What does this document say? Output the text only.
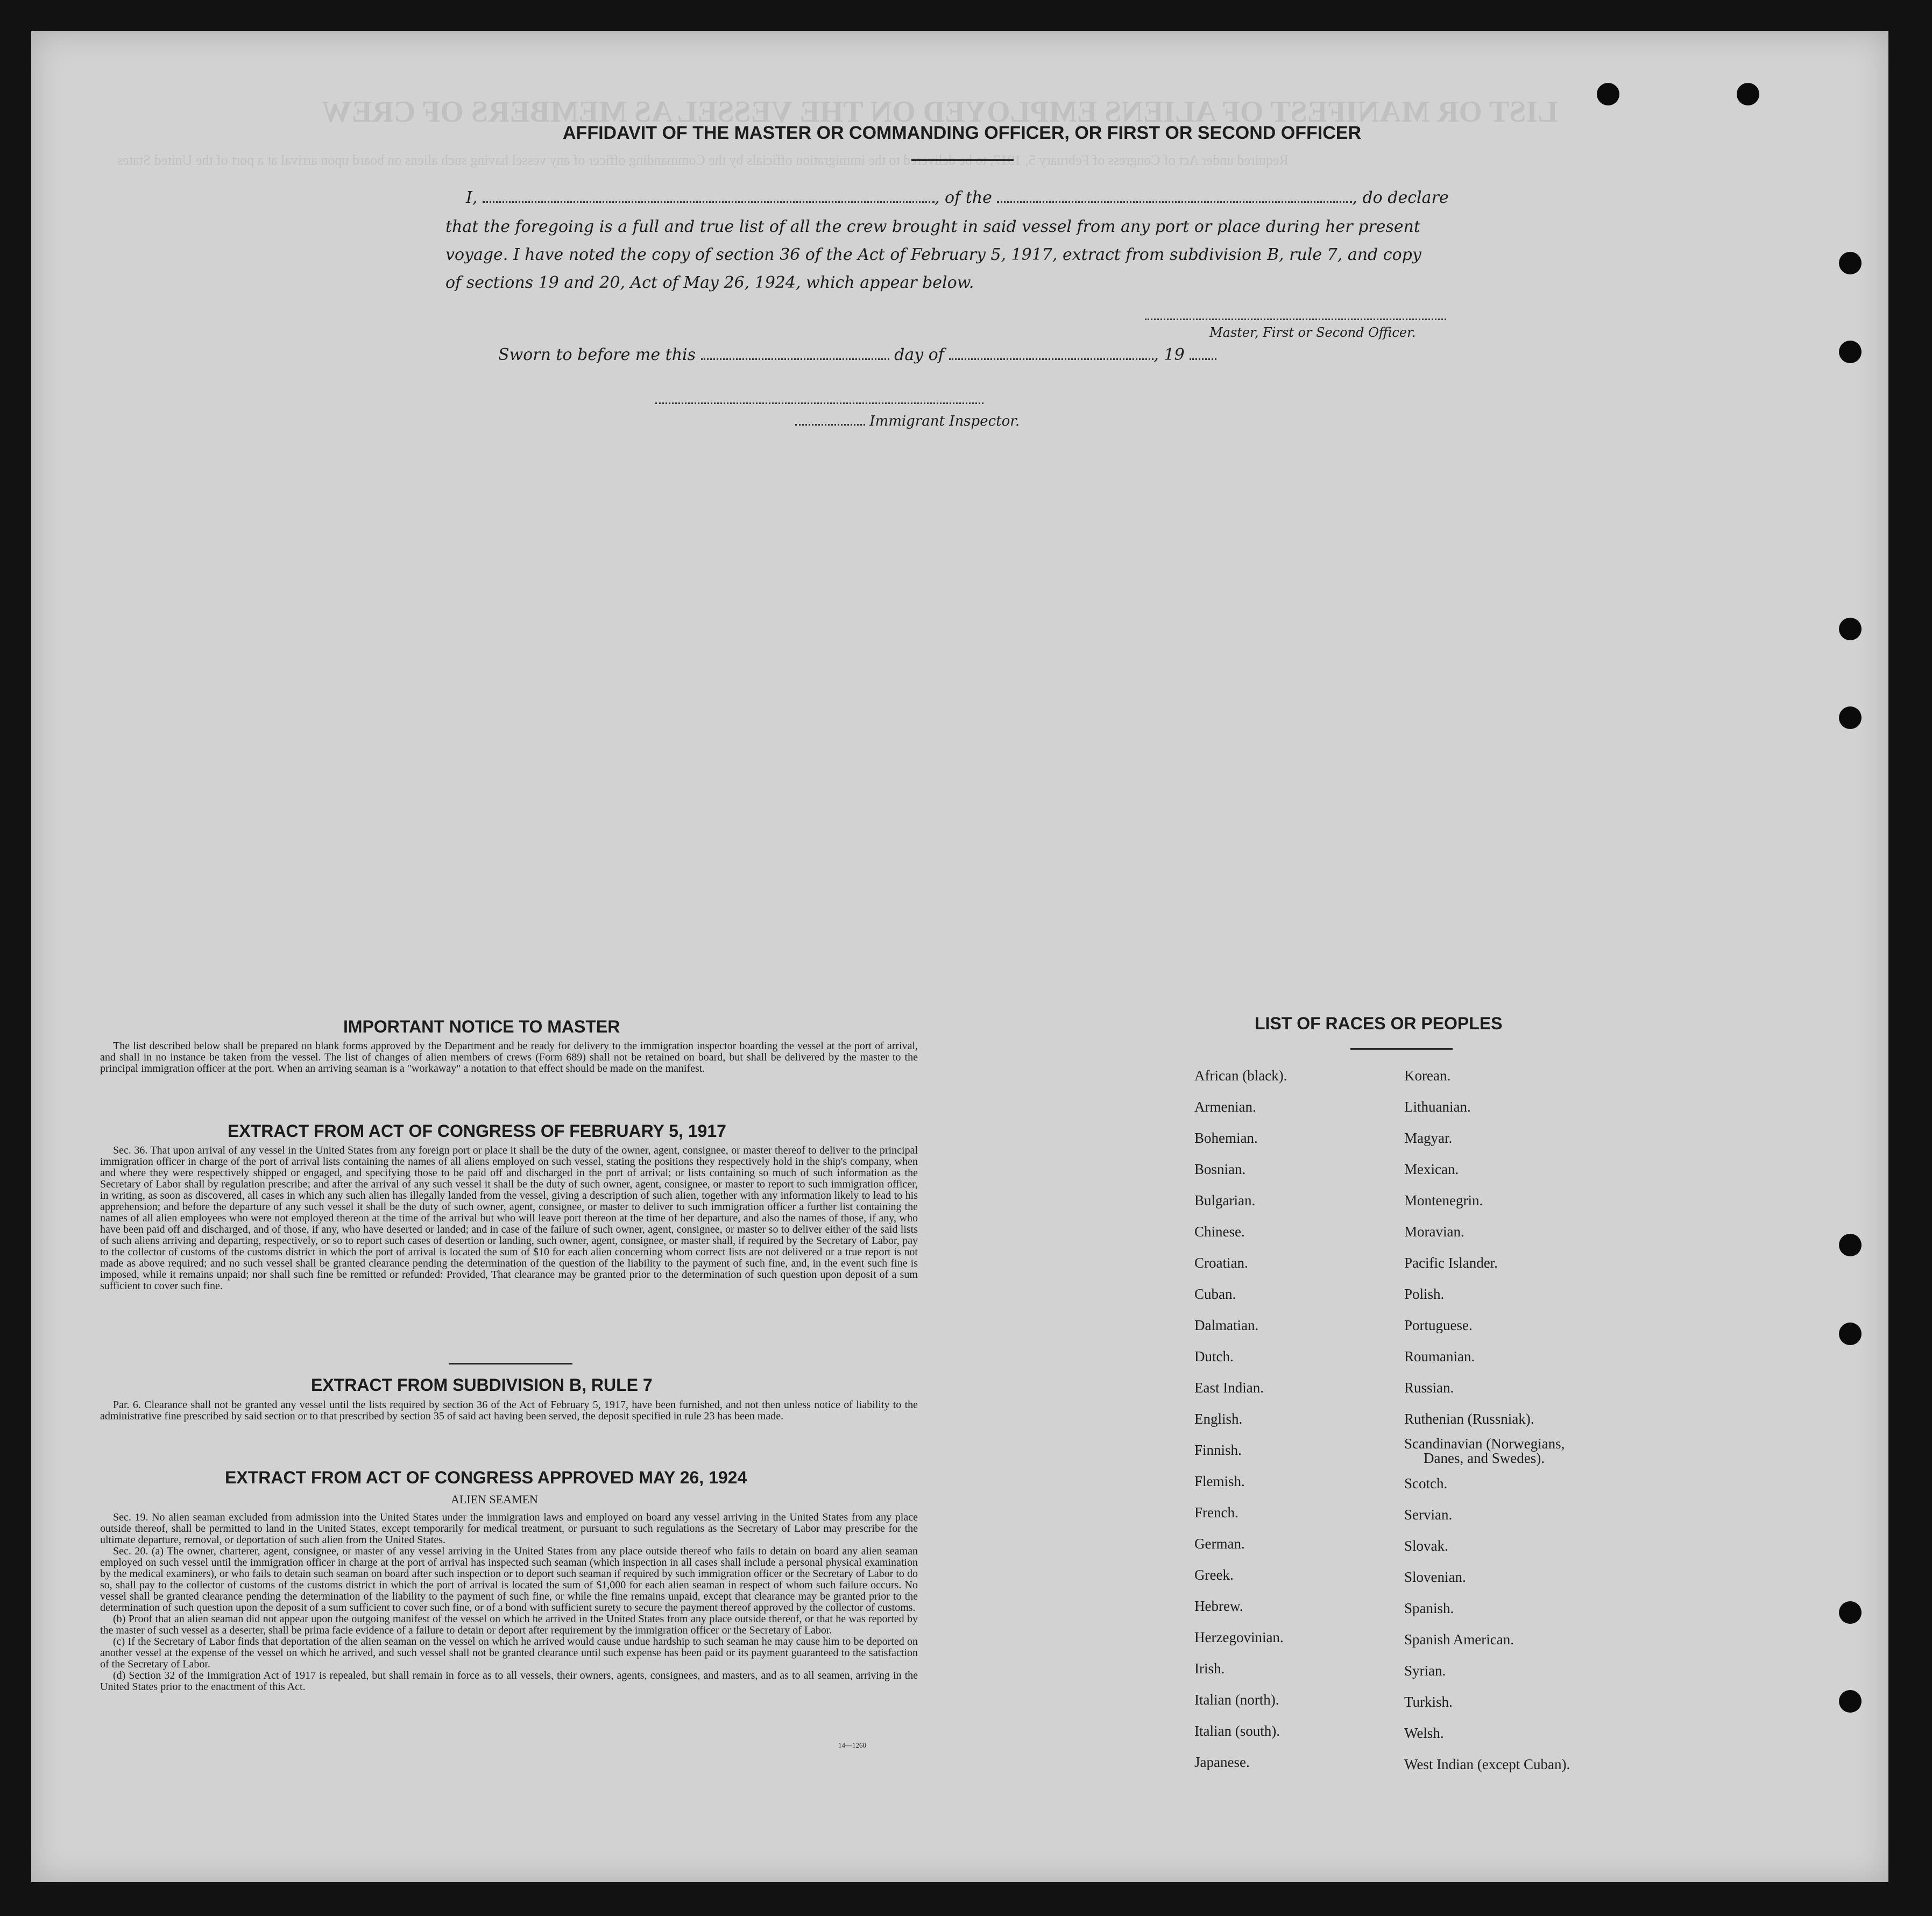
LIST OR MANIFEST OF ALIENS EMPLOYED ON THE VESSEL AS MEMBERS OF CREW
Required under Act of Congress of February 5, 1917, to be delivered to the immigration officials by the Commanding officer of any vessel having such aliens on board upon arrival at a port of the United States
AFFIDAVIT OF THE MASTER OR COMMANDING OFFICER, OR FIRST OR SECOND OFFICER
I,	, of the	, do declare
that the foregoing is a full and true list of all the crew brought in said vessel from any port or place during her present
voyage. I have noted the copy of section 36 of the Act of February 5, 1917, extract from subdivision B, rule 7, and copy
of sections 19 and 20, Act of May 26, 1924, which appear below.
Master, First or Second Officer.
Sworn to before me this	day of	, 19
Immigrant Inspector.
IMPORTANT NOTICE TO MASTER

The list described below shall be prepared on blank forms approved by the Department and be ready for delivery to the immigration inspector boarding the vessel at the port of arrival, and shall in no instance be taken from the vessel. The list of changes of alien members of crews (Form 689) shall not be retained on board, but shall be delivered by the master to the principal immigration officer at the port. When an arriving seaman is a "workaway" a notation to that effect should be made on the manifest.

EXTRACT FROM ACT OF CONGRESS OF FEBRUARY 5, 1917

Sec. 36. That upon arrival of any vessel in the United States from any foreign port or place it shall be the duty of the owner, agent, consignee, or master thereof to deliver to the principal immigration officer in charge of the port of arrival lists containing the names of all aliens employed on such vessel, stating the positions they respectively hold in the ship's company, when and where they were respectively shipped or engaged, and specifying those to be paid off and discharged in the port of arrival; or lists containing so much of such information as the Secretary of Labor shall by regulation prescribe; and after the arrival of any such vessel it shall be the duty of such owner, agent, consignee, or master to report to such immigration officer, in writing, as soon as discovered, all cases in which any such alien has illegally landed from the vessel, giving a description of such alien, together with any information likely to lead to his apprehension; and before the departure of any such vessel it shall be the duty of such owner, agent, consignee, or master to deliver to such immigration officer a further list containing the names of all alien employees who were not employed thereon at the time of the arrival but who will leave port thereon at the time of her departure, and also the names of those, if any, who have been paid off and discharged, and of those, if any, who have deserted or landed; and in case of the failure of such owner, agent, consignee, or master so to deliver either of the said lists of such aliens arriving and departing, respectively, or so to report such cases of desertion or landing, such owner, agent, consignee, or master shall, if required by the Secretary of Labor, pay to the collector of customs of the customs district in which the port of arrival is located the sum of $10 for each alien concerning whom correct lists are not delivered or a true report is not made as above required; and no such vessel shall be granted clearance pending the determination of the question of the liability to the payment of such fine, and, in the event such fine is imposed, while it remains unpaid; nor shall such fine be remitted or refunded: Provided, That clearance may be granted prior to the determination of such question upon deposit of a sum sufficient to cover such fine.

EXTRACT FROM SUBDIVISION B, RULE 7

Par. 6. Clearance shall not be granted any vessel until the lists required by section 36 of the Act of February 5, 1917, have been furnished, and not then unless notice of liability to the administrative fine prescribed by said section or to that prescribed by section 35 of said act having been served, the deposit specified in rule 23 has been made.

EXTRACT FROM ACT OF CONGRESS APPROVED MAY 26, 1924
ALIEN SEAMEN

Sec. 19. No alien seaman excluded from admission into the United States under the immigration laws and employed on board any vessel arriving in the United States from any place outside thereof, shall be permitted to land in the United States, except temporarily for medical treatment, or pursuant to such regulations as the Secretary of Labor may prescribe for the ultimate departure, removal, or deportation of such alien from the United States.

Sec. 20. (a) The owner, charterer, agent, consignee, or master of any vessel arriving in the United States from any place outside thereof who fails to detain on board any alien seaman employed on such vessel until the immigration officer in charge at the port of arrival has inspected such seaman (which inspection in all cases shall include a personal physical examination by the medical examiners), or who fails to detain such seaman on board after such inspection or to deport such seaman if required by such immigration officer or the Secretary of Labor to do so, shall pay to the collector of customs of the customs district in which the port of arrival is located the sum of $1,000 for each alien seaman in respect of whom such failure occurs. No vessel shall be granted clearance pending the determination of the liability to the payment of such fine, or while the fine remains unpaid, except that clearance may be granted prior to the determination of such question upon the deposit of a sum sufficient to cover such fine, or of a bond with sufficient surety to secure the payment thereof approved by the collector of customs.

(b) Proof that an alien seaman did not appear upon the outgoing manifest of the vessel on which he arrived in the United States from any place outside thereof, or that he was reported by the master of such vessel as a deserter, shall be prima facie evidence of a failure to detain or deport after requirement by the immigration officer or the Secretary of Labor.

(c) If the Secretary of Labor finds that deportation of the alien seaman on the vessel on which he arrived would cause undue hardship to such seaman he may cause him to be deported on another vessel at the expense of the vessel on which he arrived, and such vessel shall not be granted clearance until such expense has been paid or its payment guaranteed to the satisfaction of the Secretary of Labor.

(d) Section 32 of the Immigration Act of 1917 is repealed, but shall remain in force as to all vessels, their owners, agents, consignees, and masters, and as to all seamen, arriving in the United States prior to the enactment of this Act.

14—1260
LIST OF RACES OR PEOPLES
African (black).
Armenian.
Bohemian.
Bosnian.
Bulgarian.
Chinese.
Croatian.
Cuban.
Dalmatian.
Dutch.
East Indian.
English.
Finnish.
Flemish.
French.
German.
Greek.
Hebrew.
Herzegovinian.
Irish.
Italian (north).
Italian (south).
Japanese.
Korean.
Lithuanian.
Magyar.
Mexican.
Montenegrin.
Moravian.
Pacific Islander.
Polish.
Portuguese.
Roumanian.
Russian.
Ruthenian (Russniak).
Scandinavian (Norwegians,
Danes, and Swedes).
Scotch.
Servian.
Slovak.
Slovenian.
Spanish.
Spanish American.
Syrian.
Turkish.
Welsh.
West Indian (except Cuban).
